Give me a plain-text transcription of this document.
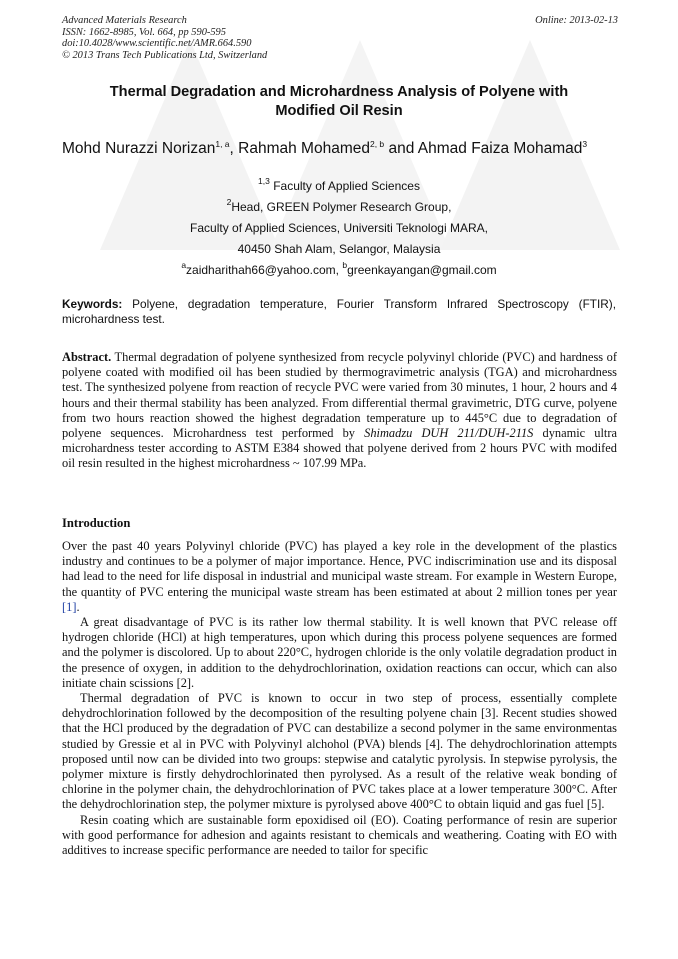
Advanced Materials Research
ISSN: 1662-8985, Vol. 664, pp 590-595
doi:10.4028/www.scientific.net/AMR.664.590
© 2013 Trans Tech Publications Ltd, Switzerland
Online: 2013-02-13
Thermal Degradation and Microhardness Analysis of Polyene with
Modified Oil Resin
Mohd Nurazzi Norizan$^{1, a}$, Rahmah Mohamed$^{2, b}$ and Ahmad Faiza Mohamad$^3$
$^{1,3}$ Faculty of Applied Sciences
$^2$Head, GREEN Polymer Research Group,
Faculty of Applied Sciences, Universiti Teknologi MARA,
40450 Shah Alam, Selangor, Malaysia
$^a$zaidharithah66@yahoo.com, $^b$greenkayangan@gmail.com
Keywords: Polyene, degradation temperature, Fourier Transform Infrared Spectroscopy (FTIR), microhardness test.
Abstract. Thermal degradation of polyene synthesized from recycle polyvinyl chloride (PVC) and hardness of polyene coated with modified oil has been studied by thermogravimetric analysis (TGA) and microhardness test. The synthesized polyene from reaction of recycle PVC were varied from 30 minutes, 1 hour, 2 hours and 4 hours and their thermal stability has been analyzed. From differential thermal gravimetric, DTG curve, polyene from two hours reaction showed the highest degradation temperature up to 445°C due to degradation of polyene sequences. Microhardness test performed by Shimadzu DUH 211/DUH-211S dynamic ultra microhardness tester according to ASTM E384 showed that polyene derived from 2 hours PVC with modifed oil resin resulted in the highest microhardness ~ 107.99 MPa.
Introduction

Over the past 40 years Polyvinyl chloride (PVC) has played a key role in the development of the plastics industry and continues to be a polymer of major importance. Hence, PVC indiscrimination use and its disposal had lead to the need for life disposal in industrial and municipal waste stream. For example in Western Europe, the quantity of PVC entering the municipal waste stream has been estimated at about 2 million tones per year [1].

A great disadvantage of PVC is its rather low thermal stability. It is well known that PVC release off hydrogen chloride (HCl) at high temperatures, upon which during this process polyene sequences are formed and the polymer is discolored. Up to about 220°C, hydrogen chloride is the only volatile degradation product in the presence of oxygen, in addition to the dehydrochlorination, oxidation reactions can occur, which can also initiate chain scissions [2].

Thermal degradation of PVC is known to occur in two step of process, essentially complete dehydrochlorination followed by the decomposition of the resulting polyene chain [3]. Recent studies showed that the HCl produced by the degradation of PVC can destabilize a second polymer in the same environmentas studied by Gressie et al in PVC with Polyvinyl alchohol (PVA) blends [4]. The dehydrochlorination attempts proposed until now can be divided into two groups: stepwise and catalytic pyrolysis. In stepwise pyrolysis, the polymer mixture is firstly dehydrochlorinated then pyrolysed. As a result of the relative weak bonding of chlorine in the polymer chain, the dehydrochlorination of PVC takes place at a lower temperature 300°C. After the dehydrochlorination step, the polymer mixture is pyrolysed above 400°C to obtain liquid and gas fuel [5].

Resin coating which are sustainable form epoxidised oil (EO). Coating performance of resin are superior with good performance for adhesion and againts resistant to chemicals and weathering. Coating with EO with additives to increase specific performance are needed to tailor for specific
